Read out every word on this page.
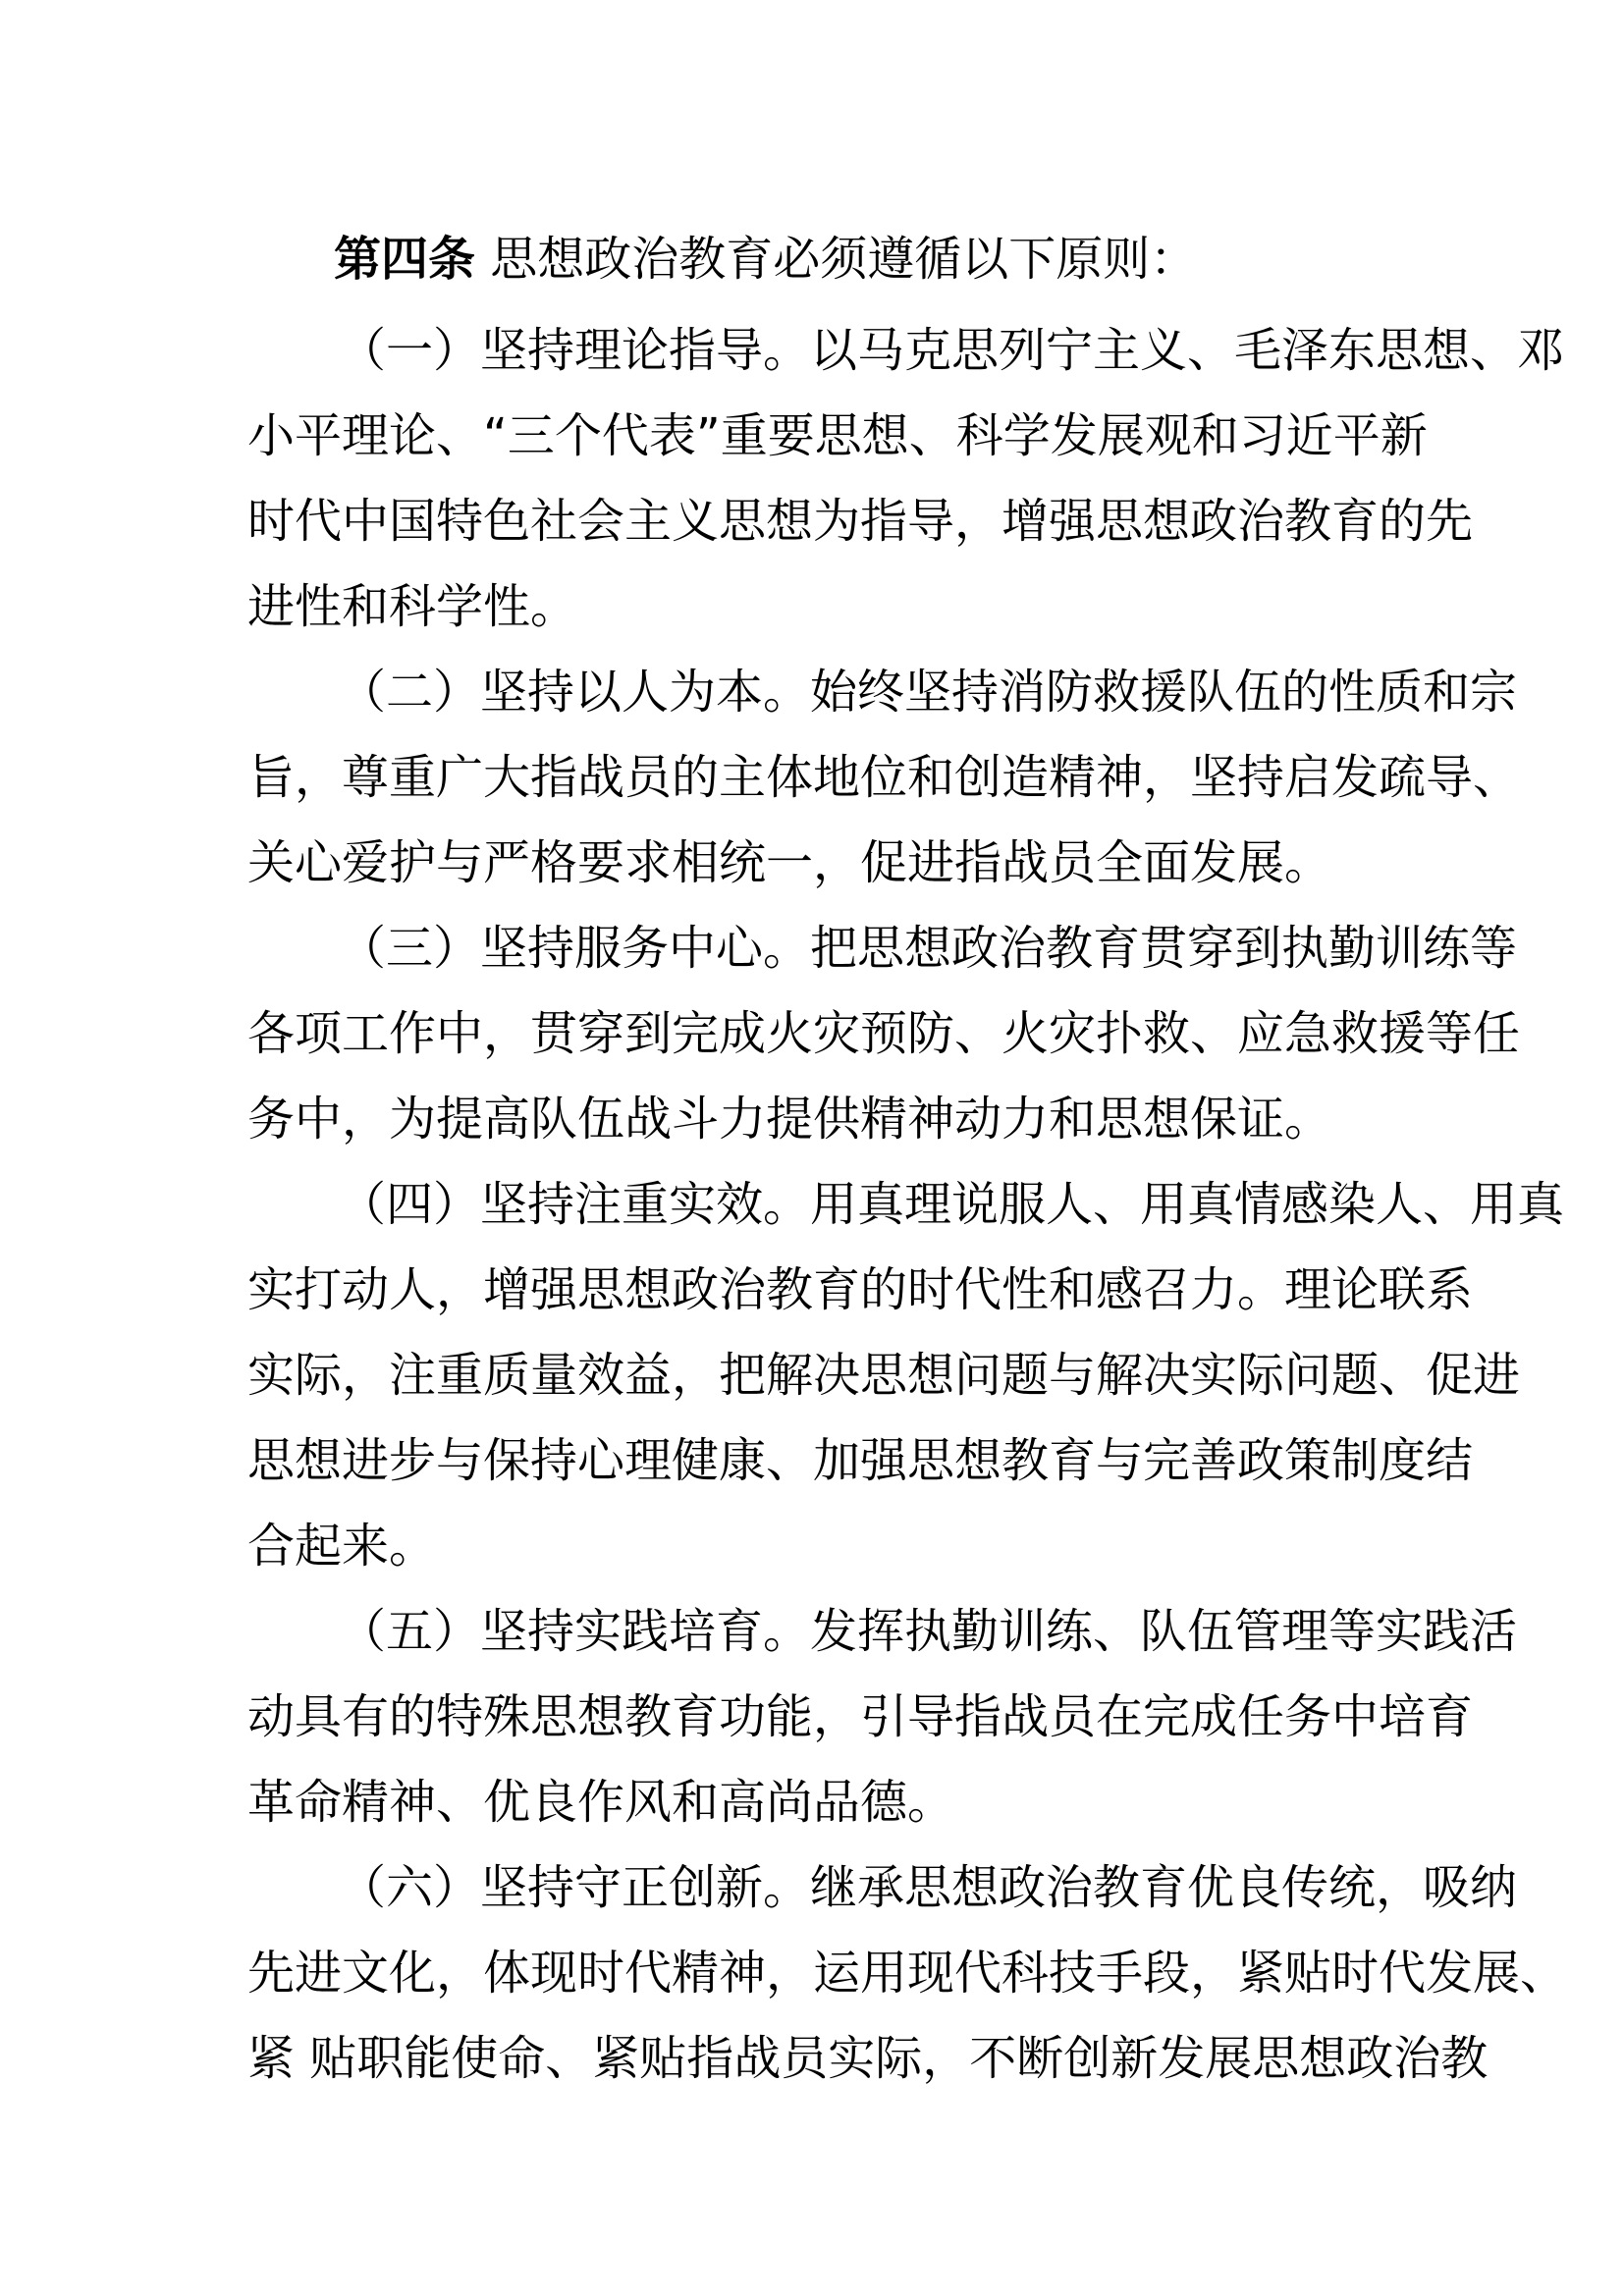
第四条 思想政治教育必须遵循以下原则：

（一）坚持理论指导。以马克思列宁主义、毛泽东思想、邓

小平理论、“三个代表”重要思想、科学发展观和习近平新

时代中国特色社会主义思想为指导，增强思想政治教育的先

进性和科学性。

（二）坚持以人为本。始终坚持消防救援队伍的性质和宗

旨，尊重广大指战员的主体地位和创造精神，坚持启发疏导、

关心爱护与严格要求相统一，促进指战员全面发展。

（三）坚持服务中心。把思想政治教育贯穿到执勤训练等

各项工作中，贯穿到完成火灾预防、火灾扑救、应急救援等任

务中，为提高队伍战斗力提供精神动力和思想保证。

（四）坚持注重实效。用真理说服人、用真情感染人、用真

实打动人，增强思想政治教育的时代性和感召力。理论联系

实际，注重质量效益，把解决思想问题与解决实际问题、促进

思想进步与保持心理健康、加强思想教育与完善政策制度结

合起来。

（五）坚持实践培育。发挥执勤训练、队伍管理等实践活

动具有的特殊思想教育功能，引导指战员在完成任务中培育

革命精神、优良作风和高尚品德。

（六）坚持守正创新。继承思想政治教育优良传统，吸纳

先进文化，体现时代精神，运用现代科技手段，紧贴时代发展、

紧 贴职能使命、紧贴指战员实际，不断创新发展思想政治教
